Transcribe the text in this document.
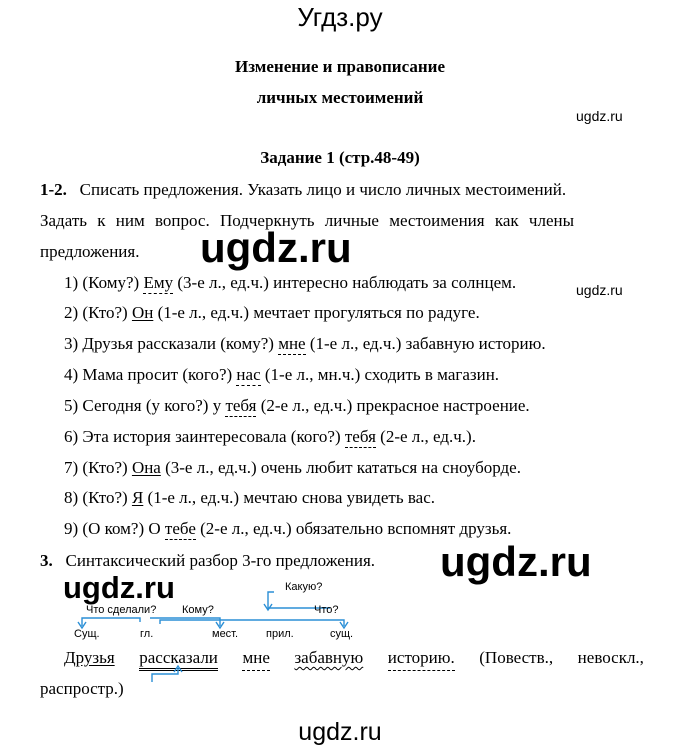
Угдз.ру
Изменение и правописание
личных местоимений
ugdz.ru
Задание 1 (стр.48-49)
1-2. Списать предложения. Указать лицо и число личных местоимений.
Задать к ним вопрос. Подчеркнуть личные местоимения как члены
предложения. ugdz.ru
1) (Кому?) Ему (3-е л., ед.ч.) интересно наблюдать за солнцем.
2) (Кто?) Он (1-е л., ед.ч.) мечтает прогуляться по радуге.
3) Друзья рассказали (кому?) мне (1-е л., ед.ч.) забавную историю.
4) Мама просит (кого?) нас (1-е л., мн.ч.) сходить в магазин.
5) Сегодня (у кого?) у тебя (2-е л., ед.ч.) прекрасное настроение.
6) Эта история заинтересовала (кого?) тебя (2-е л., ед.ч.).
7) (Кто?) Она (3-е л., ед.ч.) очень любит кататься на сноуборде.
8) (Кто?) Я (1-е л., ед.ч.) мечтаю снова увидеть вас.
9) (О ком?) О тебе (2-е л., ед.ч.) обязательно вспомнят друзья.
ugdz.ru
3. Синтаксический разбор 3-го предложения. ugdz.ru
ugdz.ru
Что сделали? Кому?
Какую?
Что?
Сущ.	гл.	мест.	прил.	сущ.
Друзья рассказали мне забавную историю. (Повеств., невоскл.,
распростр.)
ugdz.ru
